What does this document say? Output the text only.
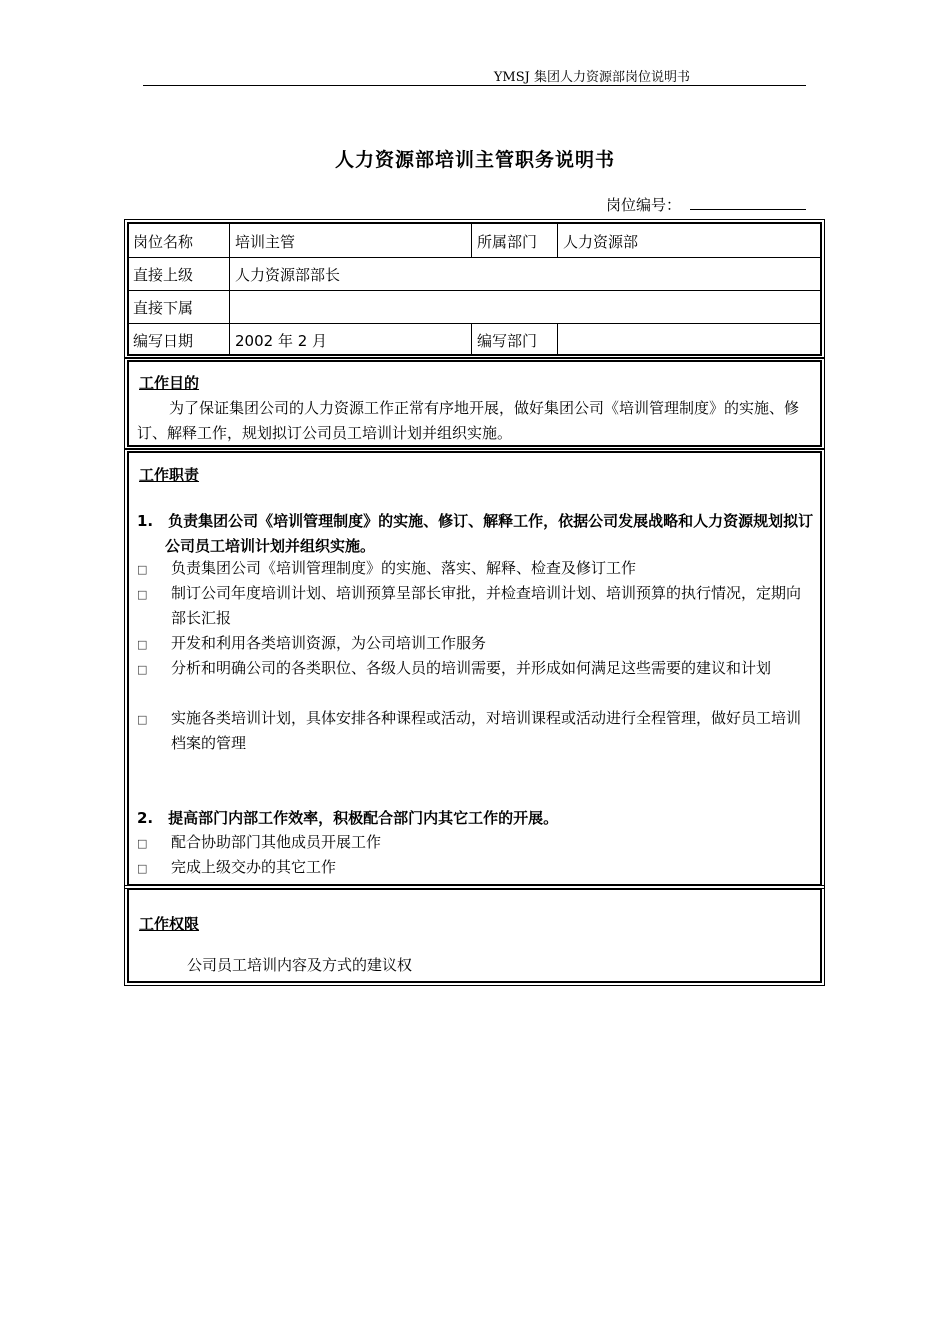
YMSJ 集团人力资源部岗位说明书
人力资源部培训主管职务说明书
岗位编号：
岗位名称	培训主管	所属部门 人力资源部
直接上级	人力资源部部长
直接下属
编写日期	2002 年 2 月	编写部门
工作目的
为了保证集团公司的人力资源工作正常有序地开展，做好集团公司《培训管理制度》的实施、修订、解释工作，规划拟订公司员工培训计划并组织实施。
工作职责
1.　负责集团公司《培训管理制度》的实施、修订、解释工作，依据公司发展战略和人力资源规划拟订公司员工培训计划并组织实施。
□ 负责集团公司《培训管理制度》的实施、落实、解释、检查及修订工作
□ 制订公司年度培训计划、培训预算呈部长审批，并检查培训计划、培训预算的执行情况，定期向部长汇报
□ 开发和利用各类培训资源，为公司培训工作服务
□ 分析和明确公司的各类职位、各级人员的培训需要，并形成如何满足这些需要的建议和计划
□ 实施各类培训计划，具体安排各种课程或活动，对培训课程或活动进行全程管理，做好员工培训档案的管理
2.　提高部门内部工作效率，积极配合部门内其它工作的开展。
□ 配合协助部门其他成员开展工作
□ 完成上级交办的其它工作
工作权限
公司员工培训内容及方式的建议权
